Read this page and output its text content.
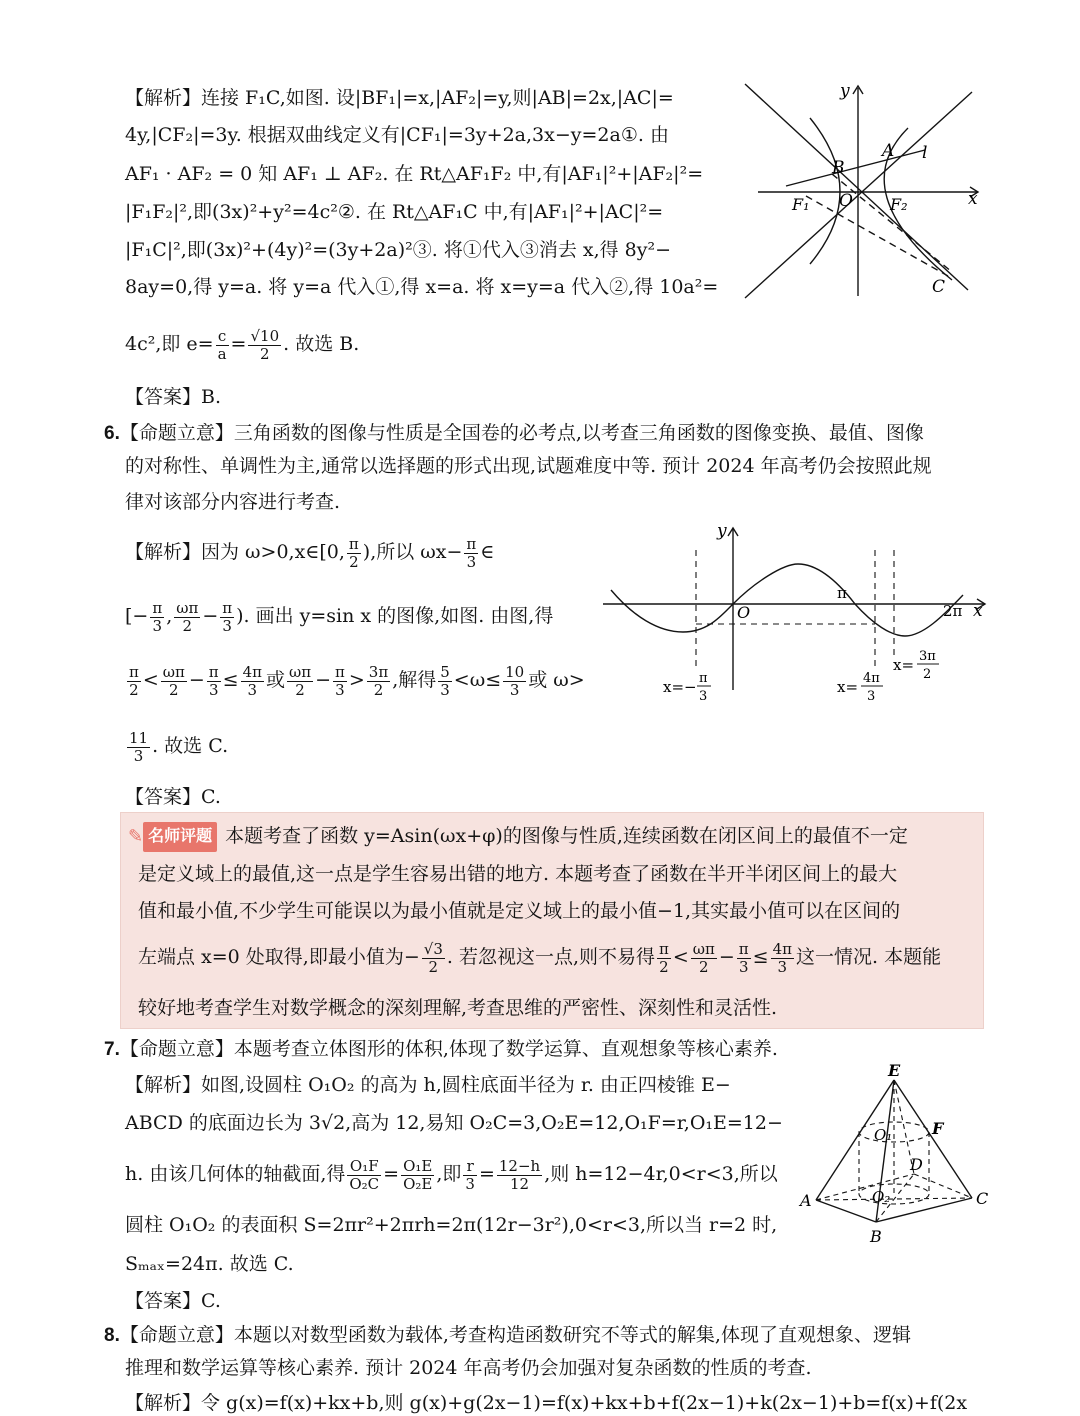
【解析】连接 F₁C,如图. 设|BF₁|=x,|AF₂|=y,则|AB|=2x,|AC|=
4y,|CF₂|=3y. 根据双曲线定义有|CF₁|=3y+2a,3x−y=2a①. 由
AF₁ · AF₂ = 0 知 AF₁ ⊥ AF₂. 在 Rt△AF₁F₂ 中,有|AF₁|²+|AF₂|²=
|F₁F₂|²,即(3x)²+y²=4c²②. 在 Rt△AF₁C 中,有|AF₁|²+|AC|²=
|F₁C|²,即(3x)²+(4y)²=(3y+2a)²③. 将①代入③消去 x,得 8y²−
8ay=0,得 y=a. 将 y=a 代入①,得 x=a. 将 x=y=a 代入②,得 10a²=
4c²,即 $e= \frac{c}{a} = \frac{√10}{2}$ . 故选 B.
【答案】B.
y
x
A l
B
O
F₁	F₂
C
6.【命题立意】三角函数的图像与性质是全国卷的必考点,以考查三角函数的图像变换、最值、图像
的对称性、单调性为主,通常以选择题的形式出现,试题难度中等. 预计 2024 年高考仍会按照此规
律对该部分内容进行考查.
【解析】因为 ω>0,x∈[0, $\frac{\pi}{2}$ ),所以 $\omega x- \frac{\pi}{3}$ ∈
[− $\frac{\pi}{3}$ , $\frac{\omega\pi}{2} - \frac{\pi}{3}$ ). 画出 y=sin x 的图像,如图. 由图,得
$\frac{\pi}{2} < \frac{\omega\pi}{2} - \frac{\pi}{3} \le \frac{4\pi}{3}$ 或 $\frac{\omega\pi}{2} - \frac{\pi}{3} > \frac{3\pi}{2}$ ,解得 $\frac{5}{3} <\omega\le \frac{10}{3}$ 或 ω>
$\frac{11}{3}$ . 故选 C.
【答案】C.
y
O
π
2π x
x=− π
3
x= 4π
3
x= 3π
2
✎ 名师评题 本题考查了函数 y=Asin(ωx+φ)的图像与性质,连续函数在闭区间上的最值不一定
是定义域上的最值,这一点是学生容易出错的地方. 本题考查了函数在半开半闭区间上的最大
值和最小值,不少学生可能误以为最小值就是定义域上的最小值−1,其实最小值可以在区间的
左端点 x=0 处取得,即最小值为− $\frac{√3}{2}$ . 若忽视这一点,则不易得 $\frac{\pi}{2} < \frac{\omega\pi}{2} - \frac{\pi}{3} \le \frac{4\pi}{3}$ 这一情况. 本题能
较好地考查学生对数学概念的深刻理解,考查思维的严密性、深刻性和灵活性.
7.【命题立意】本题考查立体图形的体积,体现了数学运算、直观想象等核心素养.
【解析】如图,设圆柱 O₁O₂ 的高为 h,圆柱底面半径为 r. 由正四棱锥 E−
ABCD 的底面边长为 3√2,高为 12,易知 O₂C=3,O₂E=12,O₁F=r,O₁E=12−
h. 由该几何体的轴截面,得 $\frac{\text{O₁F}}{\text{O₂C}} = \frac{\text{O₁E}}{\text{O₂E}}$ ,即 $\frac{r}{3} = \frac{12-h}{12}$ ,则 h=12−4r,0<r<3,所以
圆柱 O₁O₂ 的表面积 S=2πr²+2πrh=2π(12r−3r²),0<r<3,所以当 r=2 时,
Sₘₐₓ=24π. 故选 C.
【答案】C.
E
F
O₁
D
O₂
A	C
B
8.【命题立意】本题以对数型函数为载体,考查构造函数研究不等式的解集,体现了直观想象、逻辑
推理和数学运算等核心素养. 预计 2024 年高考仍会加强对复杂函数的性质的考查.
【解析】令 g(x)=f(x)+kx+b,则 g(x)+g(2x−1)=f(x)+kx+b+f(2x−1)+k(2x−1)+b=f(x)+f(2x
